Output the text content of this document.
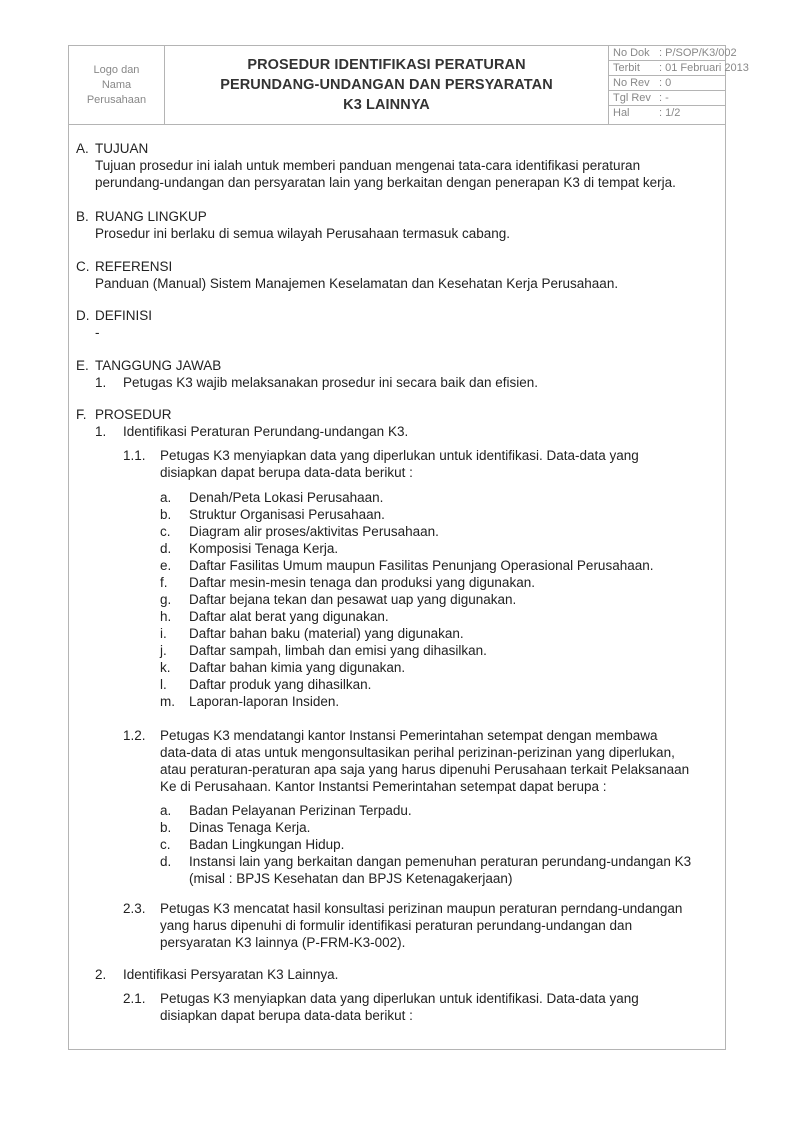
Logo dan
Nama
Perusahaan
PROSEDUR IDENTIFIKASI PERATURAN
PERUNDANG-UNDANGAN DAN PERSYARATAN
K3 LAINNYA
No Dok : P/SOP/K3/002
Terbit : 01 Februari 2013
No Rev : 0
Tgl Rev : -
Hal	: 1/2
A. TUJUAN
Tujuan prosedur ini ialah untuk memberi panduan mengenai tata-cara identifikasi peraturan
perundang-undangan dan persyaratan lain yang berkaitan dengan penerapan K3 di tempat kerja.
B. RUANG LINGKUP
Prosedur ini berlaku di semua wilayah Perusahaan termasuk cabang.
C. REFERENSI
Panduan (Manual) Sistem Manajemen Keselamatan dan Kesehatan Kerja Perusahaan.
D. DEFINISI
-
E. TANGGUNG JAWAB
1. Petugas K3 wajib melaksanakan prosedur ini secara baik dan efisien.
F. PROSEDUR
1. Identifikasi Peraturan Perundang-undangan K3.
1.1. Petugas K3 menyiapkan data yang diperlukan untuk identifikasi. Data-data yang
disiapkan dapat berupa data-data berikut :
a. Denah/Peta Lokasi Perusahaan.
b. Struktur Organisasi Perusahaan.
c. Diagram alir proses/aktivitas Perusahaan.
d. Komposisi Tenaga Kerja.
e. Daftar Fasilitas Umum maupun Fasilitas Penunjang Operasional Perusahaan.
f. Daftar mesin-mesin tenaga dan produksi yang digunakan.
g. Daftar bejana tekan dan pesawat uap yang digunakan.
h. Daftar alat berat yang digunakan.
i. Daftar bahan baku (material) yang digunakan.
j. Daftar sampah, limbah dan emisi yang dihasilkan.
k. Daftar bahan kimia yang digunakan.
l. Daftar produk yang dihasilkan.
m. Laporan-laporan Insiden.
1.2. Petugas K3 mendatangi kantor Instansi Pemerintahan setempat dengan membawa
data-data di atas untuk mengonsultasikan perihal perizinan-perizinan yang diperlukan,
atau peraturan-peraturan apa saja yang harus dipenuhi Perusahaan terkait Pelaksanaan
Ke di Perusahaan. Kantor Instantsi Pemerintahan setempat dapat berupa :
a. Badan Pelayanan Perizinan Terpadu.
b. Dinas Tenaga Kerja.
c. Badan Lingkungan Hidup.
d. Instansi lain yang berkaitan dangan pemenuhan peraturan perundang-undangan K3
(misal : BPJS Kesehatan dan BPJS Ketenagakerjaan)
2.3. Petugas K3 mencatat hasil konsultasi perizinan maupun peraturan perndang-undangan
yang harus dipenuhi di formulir identifikasi peraturan perundang-undangan dan
persyaratan K3 lainnya (P-FRM-K3-002).
2. Identifikasi Persyaratan K3 Lainnya.
2.1. Petugas K3 menyiapkan data yang diperlukan untuk identifikasi. Data-data yang
disiapkan dapat berupa data-data berikut :
